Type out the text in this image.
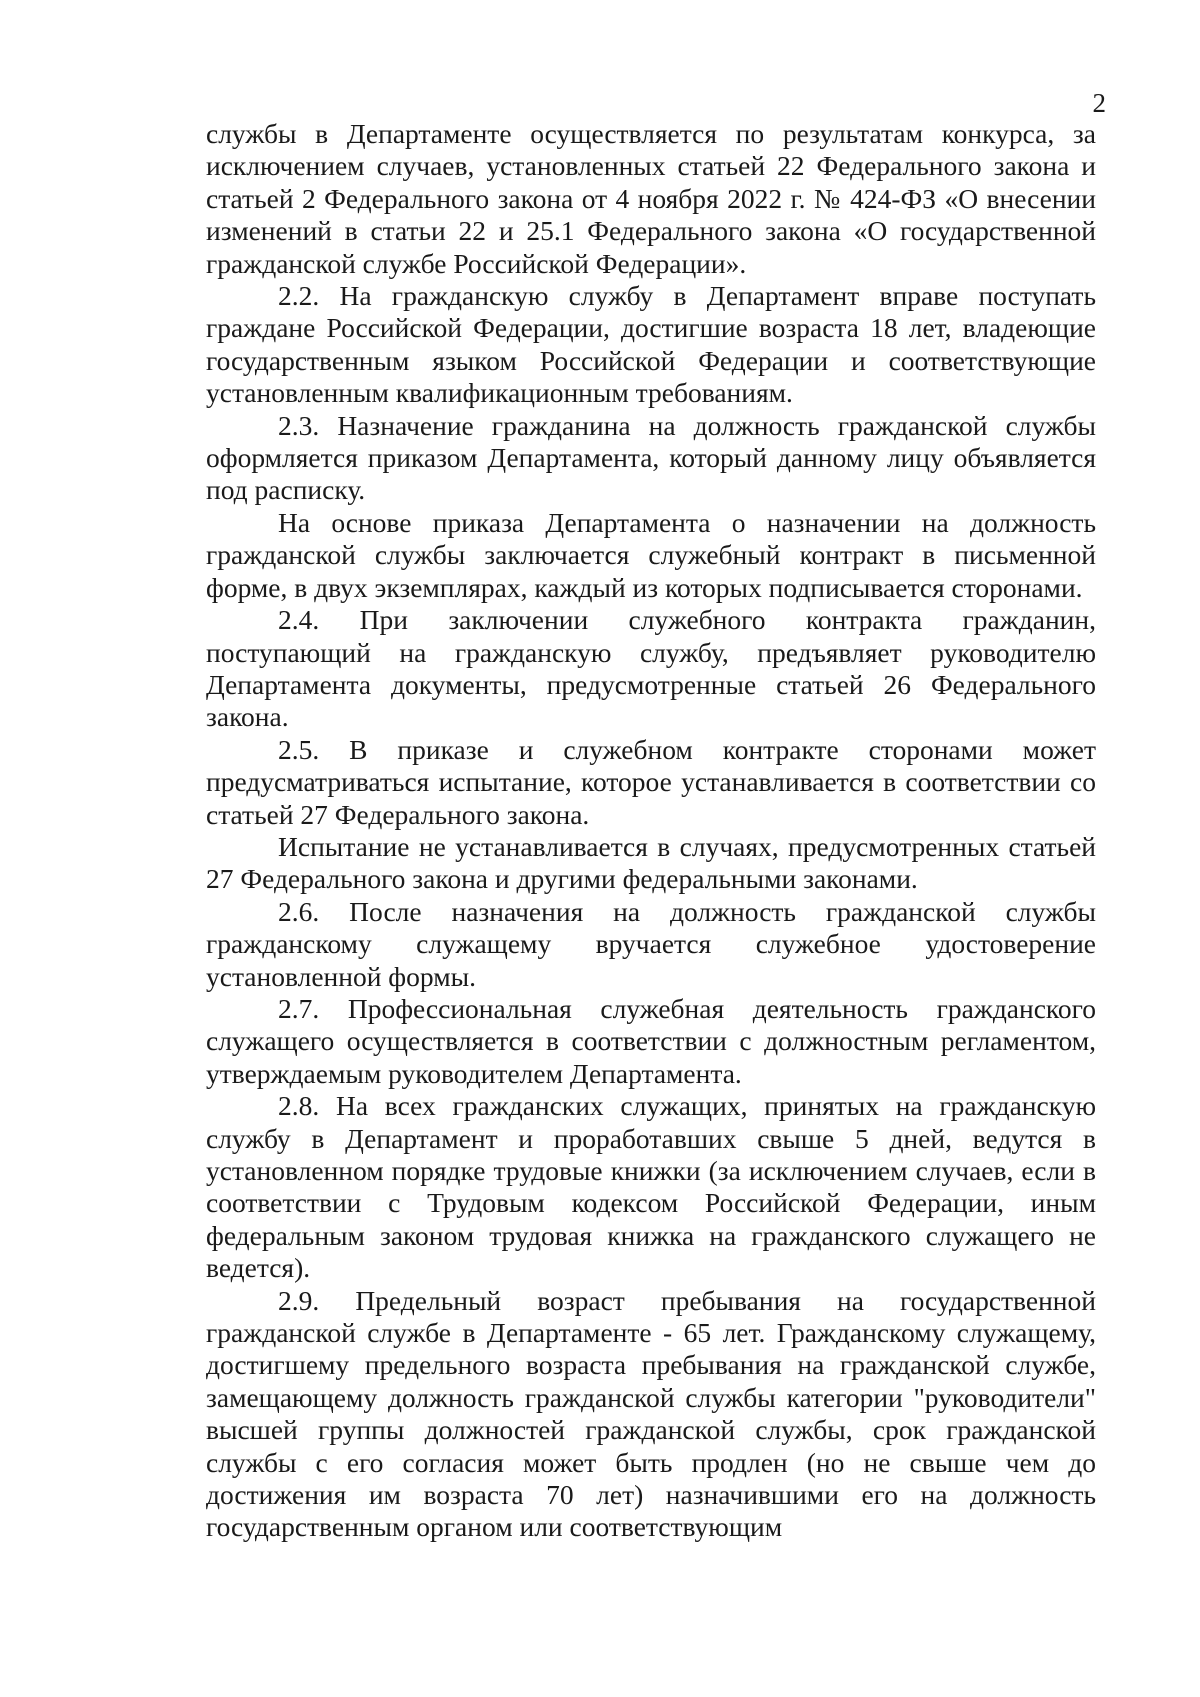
2

службы в Департаменте осуществляется по результатам конкурса, за исключением случаев, установленных статьей 22 Федерального закона и статьей 2 Федерального закона от 4 ноября 2022 г. № 424-ФЗ «О внесении изменений в статьи 22 и 25.1 Федерального закона «О государственной гражданской службе Российской Федерации».

2.2. На гражданскую службу в Департамент вправе поступать граждане Российской Федерации, достигшие возраста 18 лет, владеющие государственным языком Российской Федерации и соответствующие установленным квалификационным требованиям.

2.3. Назначение гражданина на должность гражданской службы оформляется приказом Департамента, который данному лицу объявляется под расписку.

На основе приказа Департамента о назначении на должность гражданской службы заключается служебный контракт в письменной форме, в двух экземплярах, каждый из которых подписывается сторонами.

2.4. При заключении служебного контракта гражданин, поступающий на гражданскую службу, предъявляет руководителю Департамента документы, предусмотренные статьей 26 Федерального закона.

2.5. В приказе и служебном контракте сторонами может предусматриваться испытание, которое устанавливается в соответствии со статьей 27 Федерального закона.

Испытание не устанавливается в случаях, предусмотренных статьей 27 Федерального закона и другими федеральными законами.

2.6. После назначения на должность гражданской службы гражданскому служащему вручается служебное удостоверение установленной формы.

2.7. Профессиональная служебная деятельность гражданского служащего осуществляется в соответствии с должностным регламентом, утверждаемым руководителем Департамента.

2.8. На всех гражданских служащих, принятых на гражданскую службу в Департамент и проработавших свыше 5 дней, ведутся в установленном порядке трудовые книжки (за исключением случаев, если в соответствии с Трудовым кодексом Российской Федерации, иным федеральным законом трудовая книжка на гражданского служащего не ведется).

2.9. Предельный возраст пребывания на государственной гражданской службе в Департаменте - 65 лет. Гражданскому служащему, достигшему предельного возраста пребывания на гражданской службе, замещающему должность гражданской службы категории "руководители" высшей группы должностей гражданской службы, срок гражданской службы с его согласия может быть продлен (но не свыше чем до достижения им возраста 70 лет) назначившими его на должность государственным органом или соответствующим
